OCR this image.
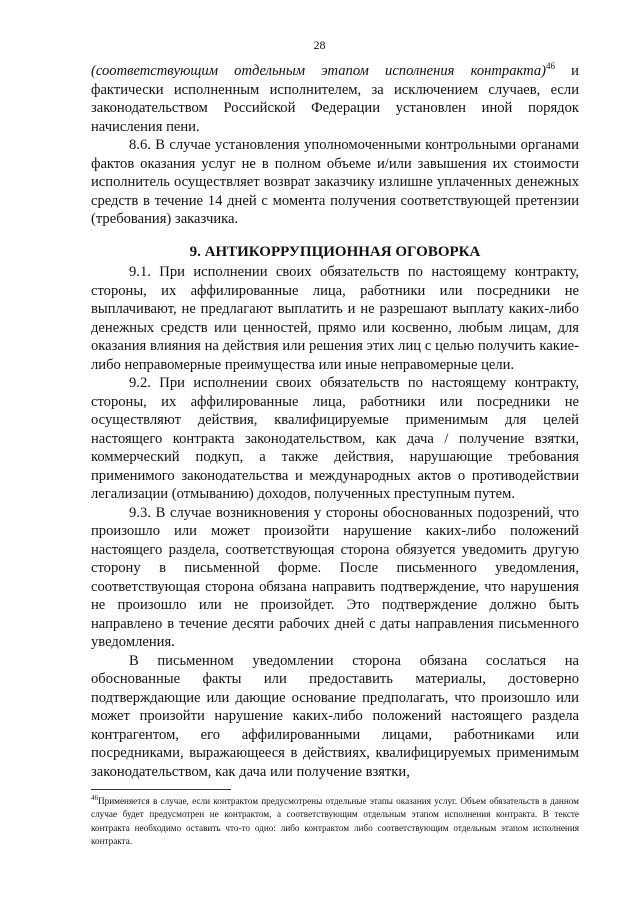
28

(соответствующим отдельным этапом исполнения контракта)$^{46}$ и фактически исполненным исполнителем, за исключением случаев, если законодательством Российской Федерации установлен иной порядок начисления пени.

8.6. В случае установления уполномоченными контрольными органами фактов оказания услуг не в полном объеме и/или завышения их стоимости исполнитель осуществляет возврат заказчику излишне уплаченных денежных средств в течение 14 дней с момента получения соответствующей претензии (требования) заказчика.

9. АНТИКОРРУПЦИОННАЯ ОГОВОРКА

9.1. При исполнении своих обязательств по настоящему контракту, стороны, их аффилированные лица, работники или посредники не выплачивают, не предлагают выплатить и не разрешают выплату каких-либо денежных средств или ценностей, прямо или косвенно, любым лицам, для оказания влияния на действия или решения этих лиц с целью получить какие-либо неправомерные преимущества или иные неправомерные цели.

9.2. При исполнении своих обязательств по настоящему контракту, стороны, их аффилированные лица, работники или посредники не осуществляют действия, квалифицируемые применимым для целей настоящего контракта законодательством, как дача / получение взятки, коммерческий подкуп, а также действия, нарушающие требования применимого законодательства и международных актов о противодействии легализации (отмыванию) доходов, полученных преступным путем.

9.3. В случае возникновения у стороны обоснованных подозрений, что произошло или может произойти нарушение каких-либо положений настоящего раздела, соответствующая сторона обязуется уведомить другую сторону в письменной форме. После письменного уведомления, соответствующая сторона обязана направить подтверждение, что нарушения не произошло или не произойдет. Это подтверждение должно быть направлено в течение десяти рабочих дней с даты направления письменного уведомления.

В письменном уведомлении сторона обязана сослаться на обоснованные факты или предоставить материалы, достоверно подтверждающие или дающие основание предполагать, что произошло или может произойти нарушение каких-либо положений настоящего раздела контрагентом, его аффилированными лицами, работниками или посредниками, выражающееся в действиях, квалифицируемых применимым законодательством, как дача или получение взятки,

$^{46}$Применяется в случае, если контрактом предусмотрены отдельные этапы оказания услуг. Объем обязательств в данном случае будет предусмотрен не контрактом, а соответствующим отдельным этапом исполнения контракта. В тексте контракта необходимо оставить что-то одно: либо контрактом либо соответствующим отдельным этапом исполнения контракта.
